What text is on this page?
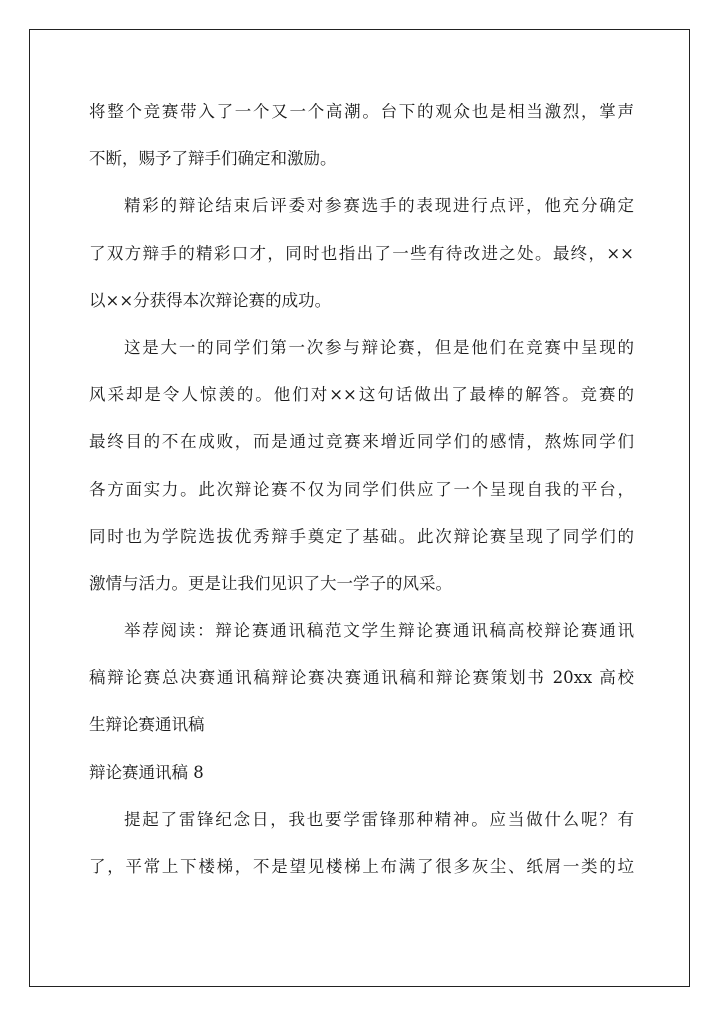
将整个竞赛带入了一个又一个高潮。台下的观众也是相当激烈，掌声
不断，赐予了辩手们确定和激励。
精彩的辩论结束后评委对参赛选手的表现进行点评，他充分确定
了双方辩手的精彩口才，同时也指出了一些有待改进之处。最终，××
以××分获得本次辩论赛的成功。
这是大一的同学们第一次参与辩论赛，但是他们在竞赛中呈现的
风采却是令人惊羡的。他们对××这句话做出了最棒的解答。竞赛的
最终目的不在成败，而是通过竞赛来增近同学们的感情，熬炼同学们
各方面实力。此次辩论赛不仅为同学们供应了一个呈现自我的平台，
同时也为学院选拔优秀辩手奠定了基础。此次辩论赛呈现了同学们的
激情与活力。更是让我们见识了大一学子的风采。
举荐阅读：辩论赛通讯稿范文学生辩论赛通讯稿高校辩论赛通讯
稿辩论赛总决赛通讯稿辩论赛决赛通讯稿和辩论赛策划书 20xx 高校
生辩论赛通讯稿
辩论赛通讯稿 8
提起了雷锋纪念日，我也要学雷锋那种精神。应当做什么呢？有
了，平常上下楼梯，不是望见楼梯上布满了很多灰尘、纸屑一类的垃
